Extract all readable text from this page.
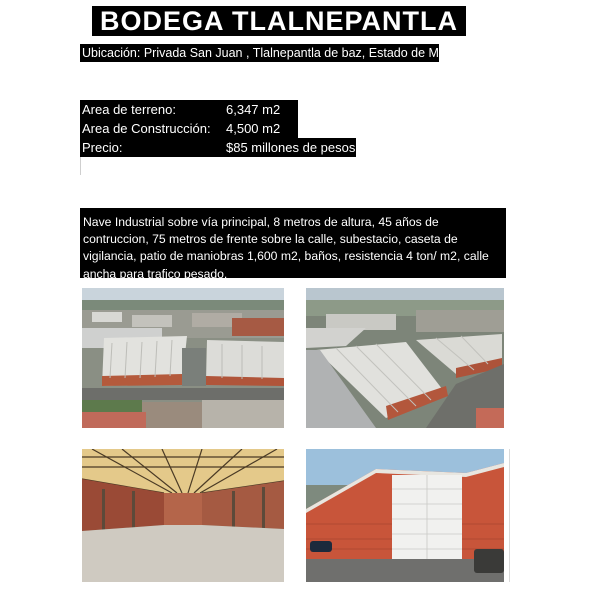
BODEGA TLALNEPANTLA
Ubicación: Privada San Juan , Tlalnepantla de baz, Estado de México.
Area de terreno:	6,347 m2
Area de Construcción:	4,500 m2
Precio:	$85 millones de pesos
Nave Industrial sobre vía principal, 8 metros de altura, 45 años de contruccion, 75 metros de frente sobre la calle, subestacio, caseta de vigilancia, patio de maniobras 1,600 m2, baños, resistencia 4 ton/ m2, calle ancha para trafico pesado.
